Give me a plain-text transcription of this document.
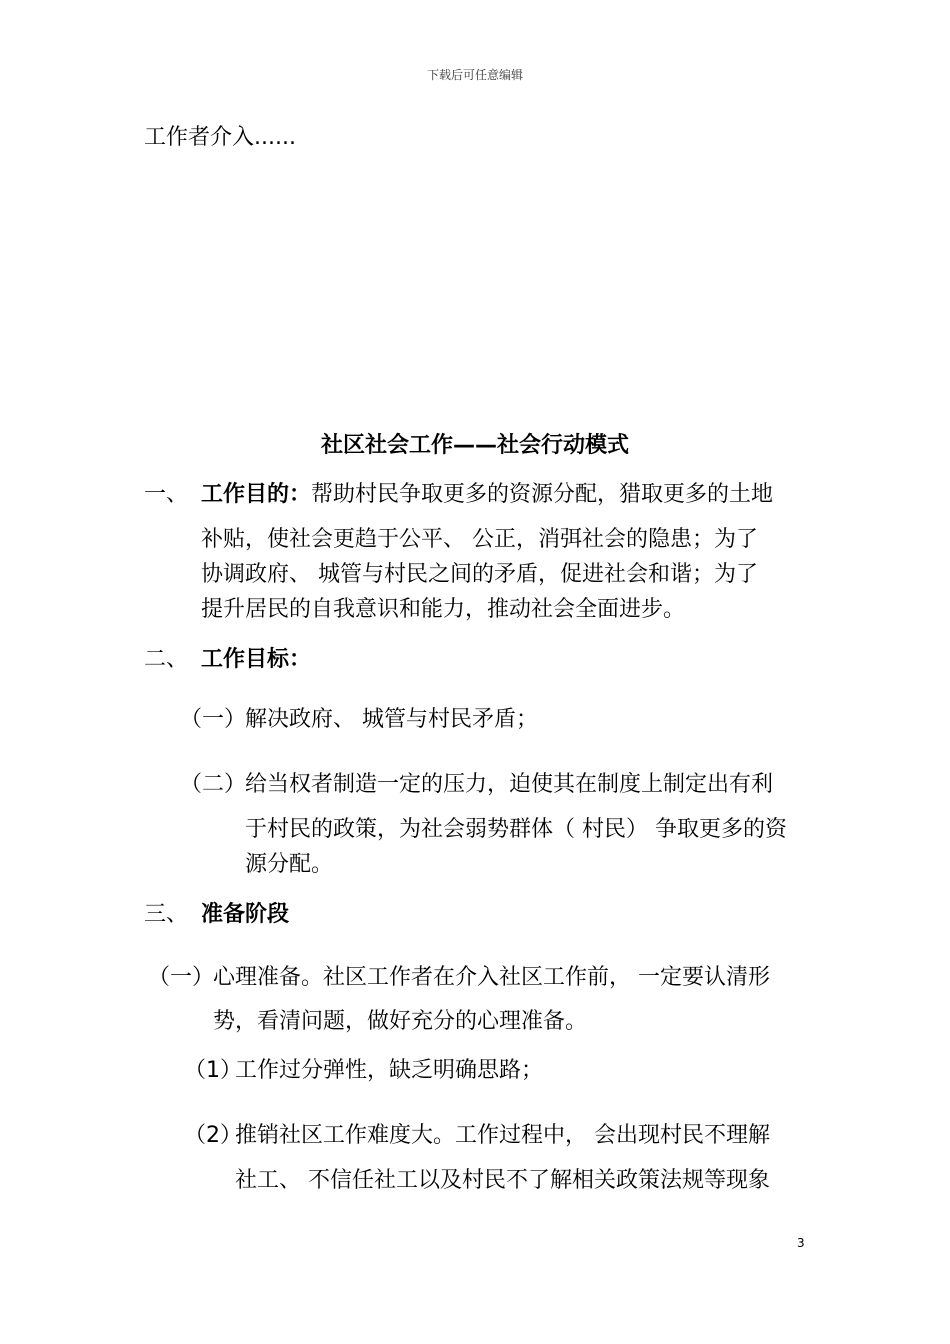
下载后可任意编辑
工作者介入......
社区社会工作——社会行动模式
一、 工作目的：帮助村民争取更多的资源分配，猎取更多的土地
补贴，使社会更趋于公平、 公正，消弭社会的隐患；为了
协调政府、 城管与村民之间的矛盾，促进社会和谐；为了
提升居民的自我意识和能力，推动社会全面进步。
二、 工作目标：
（一）
解决政府、 城管与村民矛盾；
（二）
给当权者制造一定的压力，迫使其在制度上制定出有利
于村民的政策，为社会弱势群体（ 村民） 争取更多的资
源分配。
三、 准备阶段
（一）
心理准备。社区工作者在介入社区工作前， 一定要认清形
势，看清问题，做好充分的心理准备。
（1）
工作过分弹性，缺乏明确思路；
（2）
推销社区工作难度大。工作过程中， 会出现村民不理解
社工、 不信任社工以及村民不了解相关政策法规等现象
3
